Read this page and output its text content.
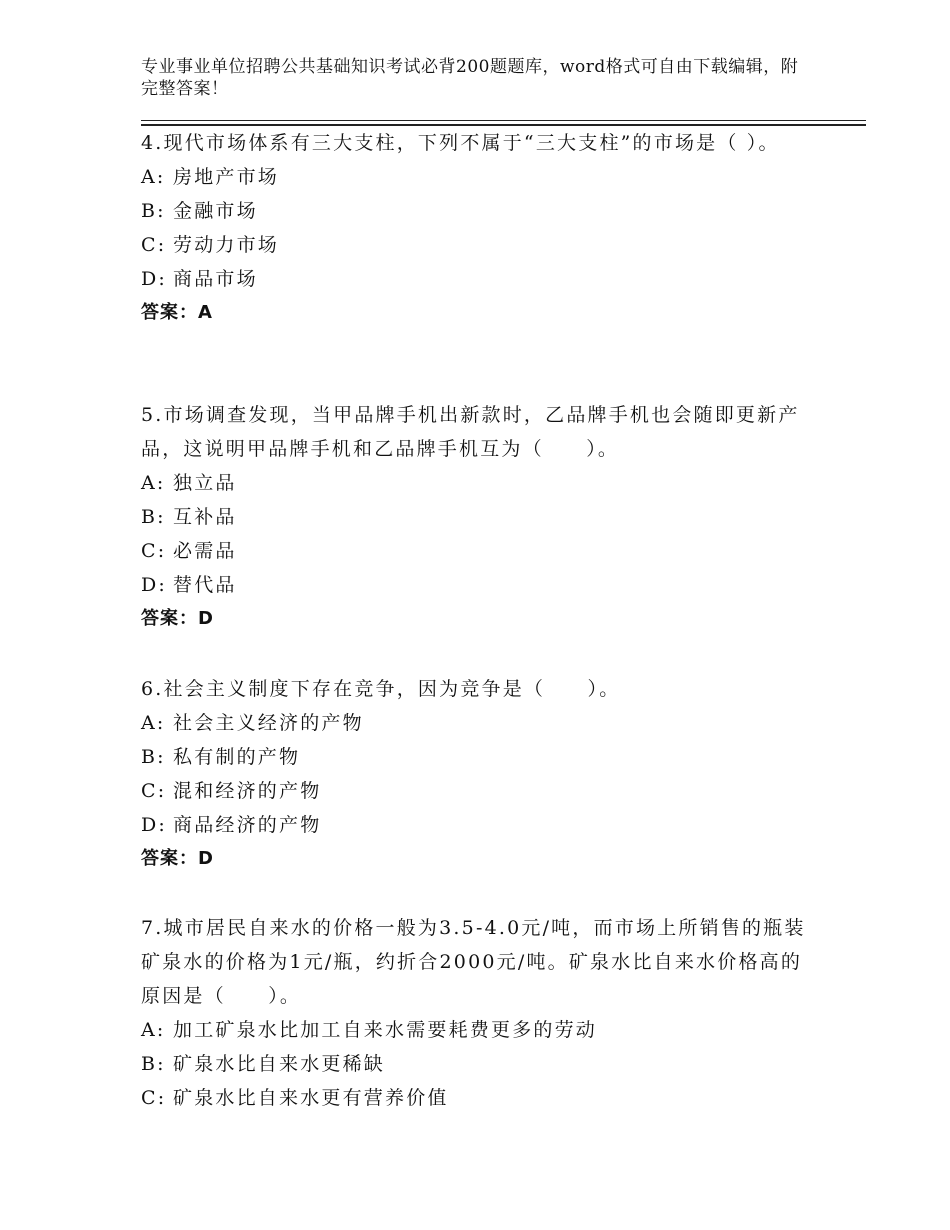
专业事业单位招聘公共基础知识考试必背200题题库，word格式可自由下载编辑，附完整答案！

4.现代市场体系有三大支柱，下列不属于“三大支柱”的市场是（ ）。

A: 房地产市场
B: 金融市场
C: 劳动力市场
D: 商品市场
答案：A

5.市场调查发现，当甲品牌手机出新款时，乙品牌手机也会随即更新产品，这说明甲品牌手机和乙品牌手机互为（　　）。

A: 独立品
B: 互补品
C: 必需品
D: 替代品
答案：D

6.社会主义制度下存在竞争，因为竞争是（　　）。

A: 社会主义经济的产物
B: 私有制的产物
C: 混和经济的产物
D: 商品经济的产物
答案：D

7.城市居民自来水的价格一般为3.5-4.0元/吨，而市场上所销售的瓶装矿泉水的价格为1元/瓶，约折合2000元/吨。矿泉水比自来水价格高的原因是（　　）。

A: 加工矿泉水比加工自来水需要耗费更多的劳动
B: 矿泉水比自来水更稀缺
C: 矿泉水比自来水更有营养价值
